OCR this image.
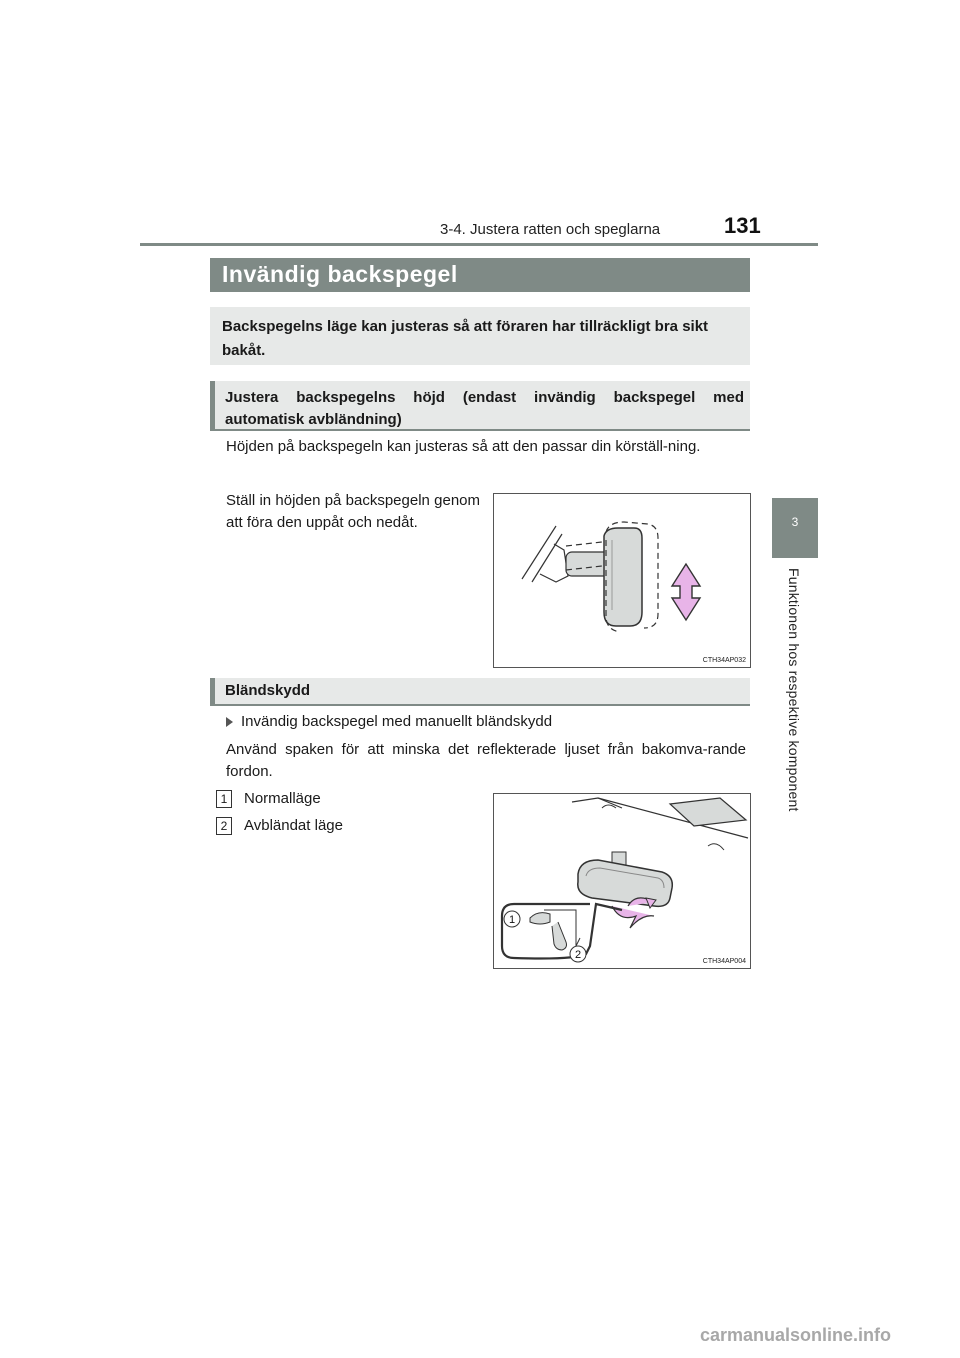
3-4. Justera ratten och speglarna	131
3
Funktionen hos respektive komponent
Invändig backspegel
Backspegelns läge kan justeras så att föraren har tillräckligt bra sikt bakåt.
Justera backspegelns höjd (endast invändig backspegel med automatisk avbländning)
Höjden på backspegeln kan justeras så att den passar din körställ-ning.
Ställ in höjden på backspegeln genom att föra den uppåt och nedåt.
CTH34AP032
Bländskydd
Invändig backspegel med manuellt bländskydd
Använd spaken för att minska det reflekterade ljuset från bakomva-rande fordon.
1 Normalläge
2 Avbländat läge
1
2
CTH34AP004
carmanualsonline.info
